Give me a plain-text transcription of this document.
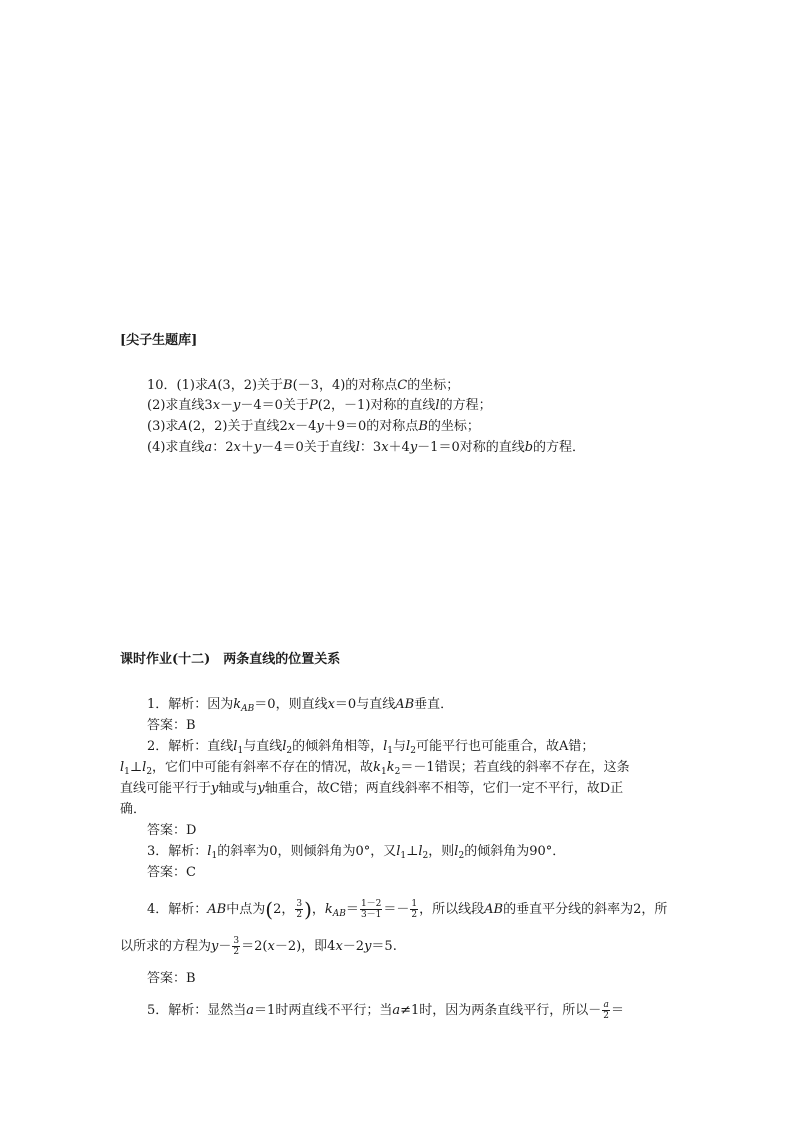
[尖子生题库]
10．(1)求A(3，2)关于B(－3，4)的对称点C的坐标；
(2)求直线3x－y－4＝0关于P(2，－1)对称的直线l的方程；
(3)求A(2，2)关于直线2x－4y＋9＝0的对称点B的坐标；
(4)求直线a：2x＋y－4＝0关于直线l：3x＋4y－1＝0对称的直线b的方程．
课时作业(十二)　两条直线的位置关系
1．解析：因为$k_{AB}=0$，则直线x＝0与直线AB垂直．
答案：B
2．解析：直线$l_1$与直线$l_2$的倾斜角相等，$l_1$与$l_2$可能平行也可能重合，故A错；
$l_1\perp l_2$，它们中可能有斜率不存在的情况，故$k_1k_2=-1$错误；若直线的斜率不存在，这条
直线可能平行于y轴或与y轴重合，故C错；两直线斜率不相等，它们一定不平行，故D正
确．
答案：D
3．解析：$l_1$的斜率为0，则倾斜角为0°，又$l_1\perp l_2$，则$l_2$的倾斜角为90°．
答案：C
4．解析：AB中点为(2， $\frac{3}{2}$ )，$k_{AB}= \frac{1-2}{3-1} =- \frac{1}{2}$ ，所以线段AB的垂直平分线的斜率为2，所
以所求的方程为$y- \frac{3}{2} =2(x-2)$，即4x－2y＝5.
答案：B
5．解析：显然当a＝1时两直线不平行；当a≠1时，因为两条直线平行，所以－ $\frac{a}{2}$ ＝
